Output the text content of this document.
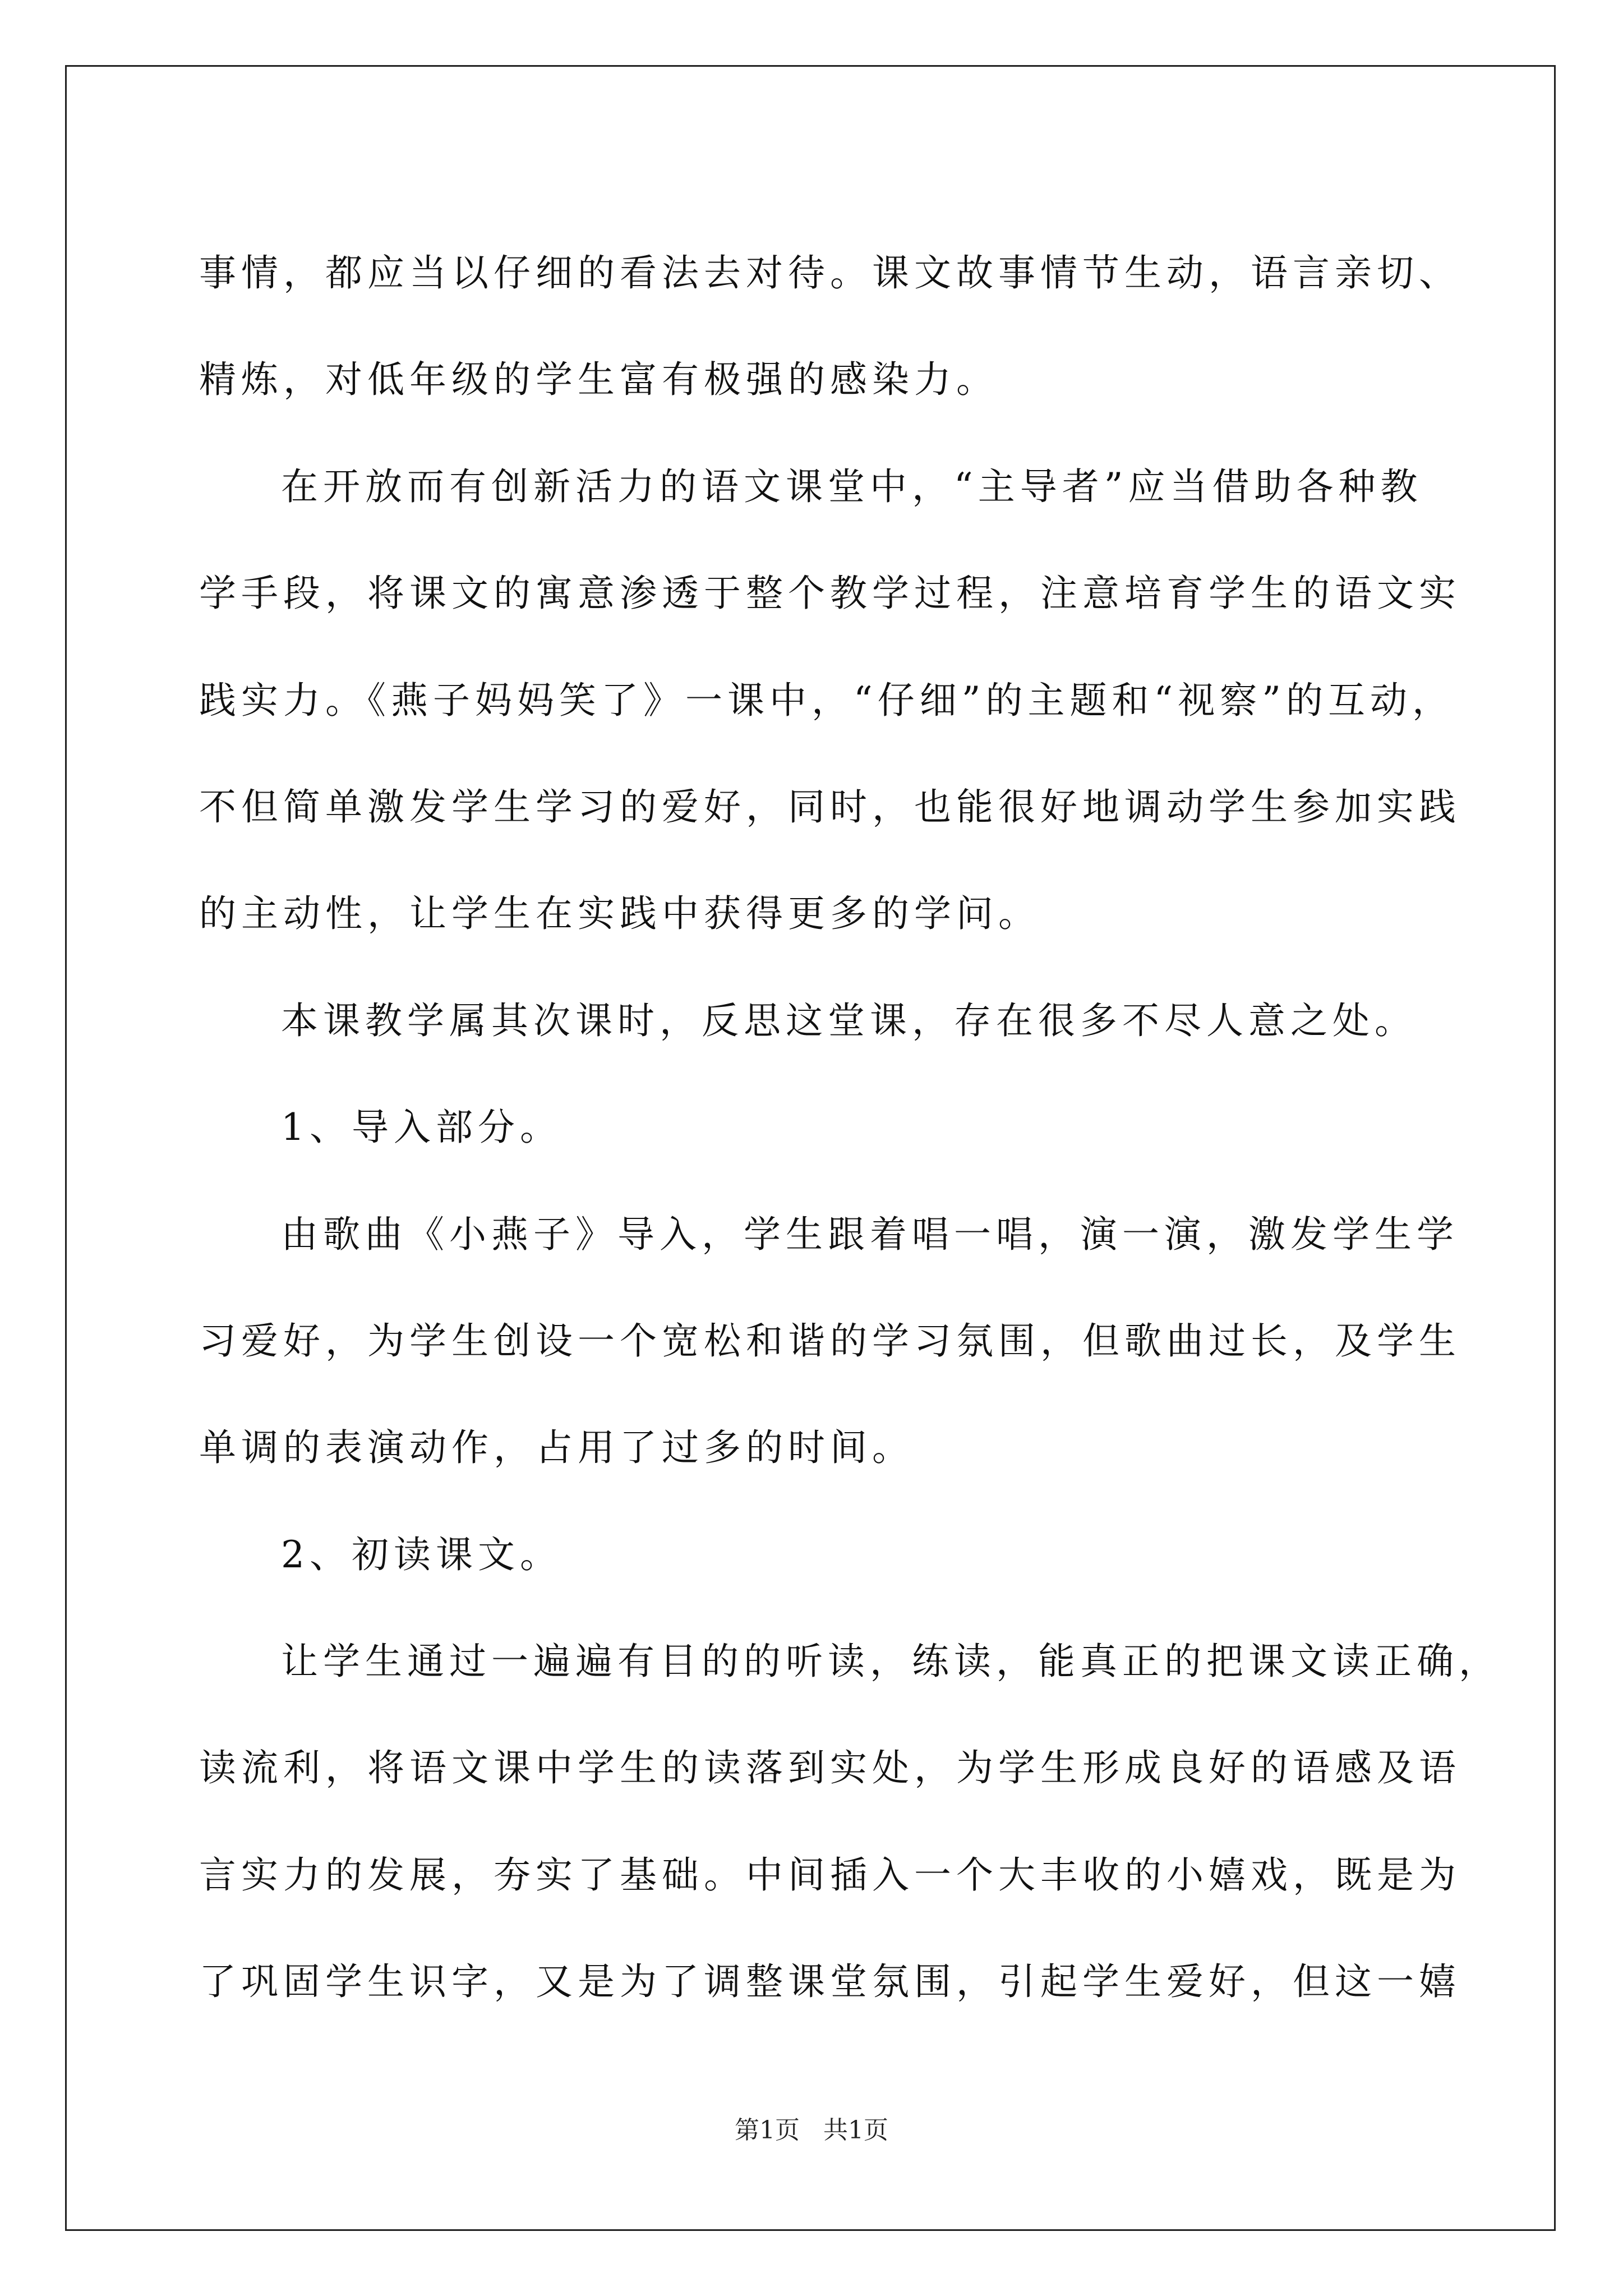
事情，都应当以仔细的看法去对待。课文故事情节生动，语言亲切、

精炼，对低年级的学生富有极强的感染力。

在开放而有创新活力的语文课堂中，“主导者”应当借助各种教

学手段，将课文的寓意渗透于整个教学过程，注意培育学生的语文实

践实力。《燕子妈妈笑了》一课中，“仔细”的主题和“视察”的互动，

不但简单激发学生学习的爱好，同时，也能很好地调动学生参加实践

的主动性，让学生在实践中获得更多的学问。

本课教学属其次课时，反思这堂课，存在很多不尽人意之处。

1、导入部分。

由歌曲《小燕子》导入，学生跟着唱一唱，演一演，激发学生学

习爱好，为学生创设一个宽松和谐的学习氛围，但歌曲过长，及学生

单调的表演动作，占用了过多的时间。

2、初读课文。

让学生通过一遍遍有目的的听读，练读，能真正的把课文读正确，

读流利，将语文课中学生的读落到实处，为学生形成良好的语感及语

言实力的发展，夯实了基础。中间插入一个大丰收的小嬉戏，既是为

了巩固学生识字，又是为了调整课堂氛围，引起学生爱好，但这一嬉

第1页   共1页
